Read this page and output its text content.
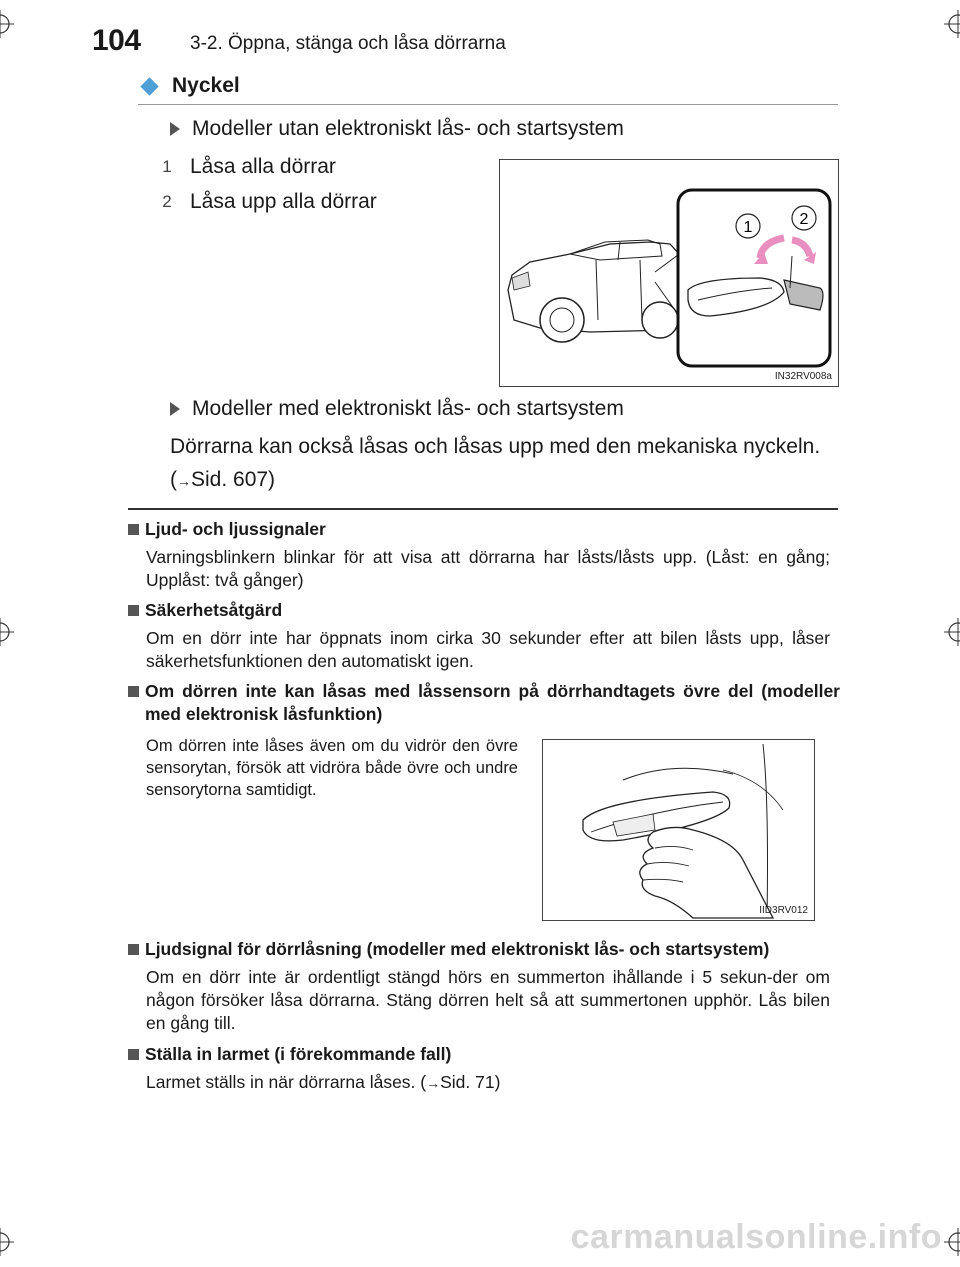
104	3-2. Öppna, stänga och låsa dörrarna
Nyckel
Modeller utan elektroniskt lås- och startsystem
1 Låsa alla dörrar
2 Låsa upp alla dörrar
1	2
IN32RV008a
Modeller med elektroniskt lås- och startsystem
Dörrarna kan också låsas och låsas upp med den mekaniska nyckeln.
(→Sid. 607)
Ljud- och ljussignaler
Varningsblinkern blinkar för att visa att dörrarna har låsts/låsts upp. (Låst: en gång; Upplåst: två gånger)
Säkerhetsåtgärd
Om en dörr inte har öppnats inom cirka 30 sekunder efter att bilen låsts upp, låser säkerhetsfunktionen den automatiskt igen.
Om dörren inte kan låsas med låssensorn på dörrhandtagets övre del (modeller med elektronisk låsfunktion)
Om dörren inte låses även om du vidrör den övre sensorytan, försök att vidröra både övre och undre sensorytorna samtidigt.
IID3RV012
Ljudsignal för dörrlåsning (modeller med elektroniskt lås- och startsystem)
Om en dörr inte är ordentligt stängd hörs en summerton ihållande i 5 sekun-der om någon försöker låsa dörrarna. Stäng dörren helt så att summertonen upphör. Lås bilen en gång till.
Ställa in larmet (i förekommande fall)
Larmet ställs in när dörrarna låses. (→Sid. 71)
carmanualsonline.info
